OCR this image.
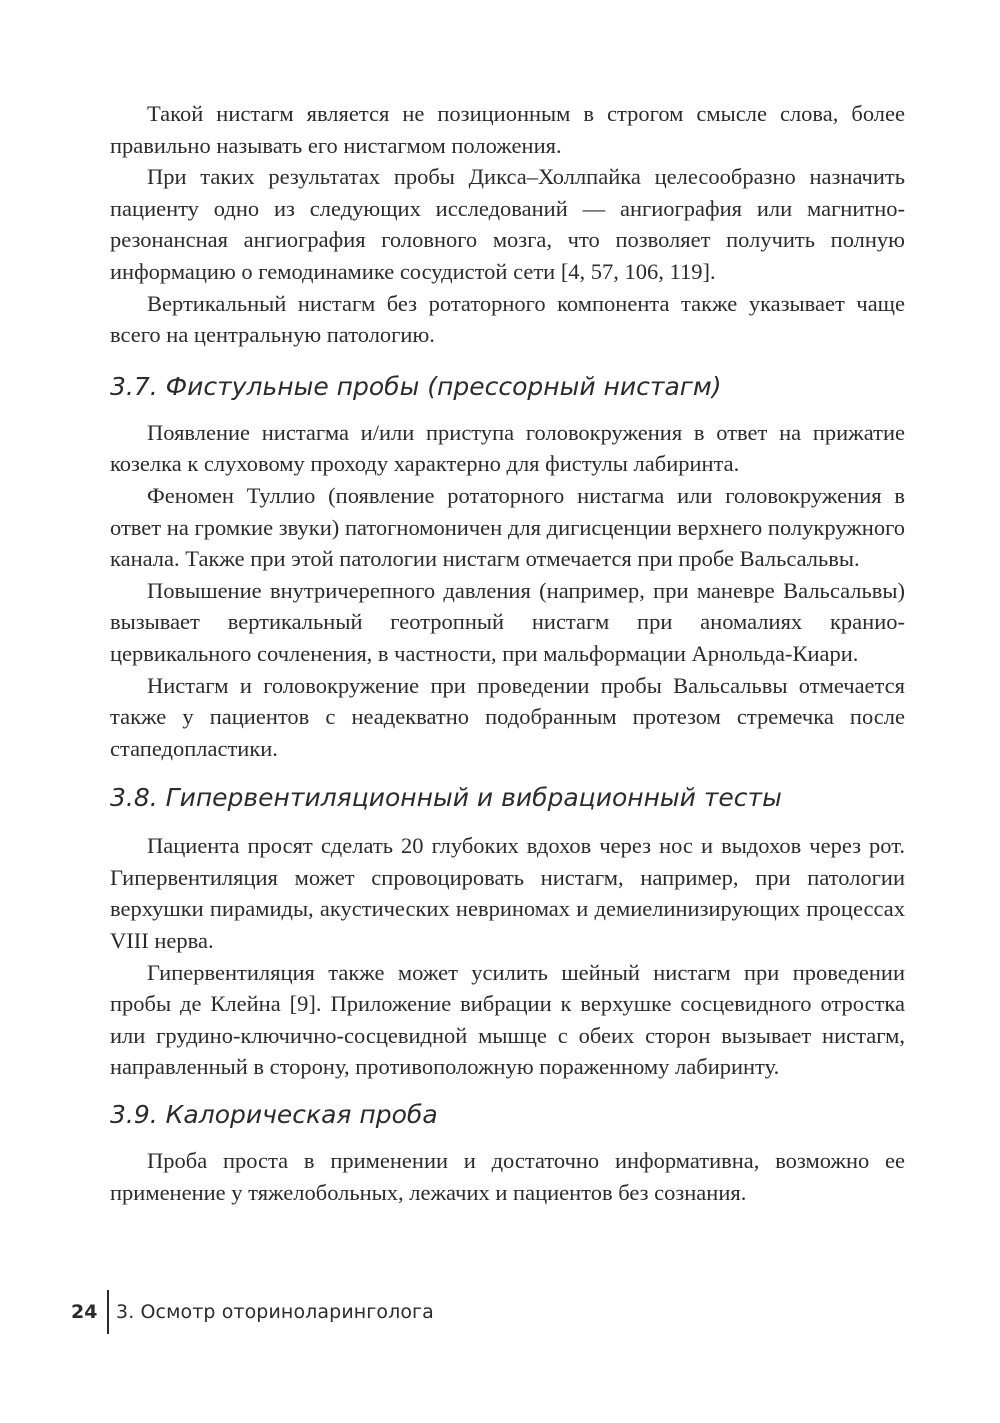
Такой нистагм является не позиционным в строгом смысле слова, более правильно называть его нистагмом положения.

При таких результатах пробы Дикса–Холлпайка целесообразно назначить пациенту одно из следующих исследований — ангиография или магнитно-резонансная ангиография головного мозга, что позволяет получить полную информацию о гемодинамике сосудистой сети [4, 57, 106, 119].

Вертикальный нистагм без ротаторного компонента также указывает чаще всего на центральную патологию.

3.7. Фистульные пробы (прессорный нистагм)

Появление нистагма и/или приступа головокружения в ответ на прижатие козелка к слуховому проходу характерно для фистулы лабиринта.

Феномен Туллио (появление ротаторного нистагма или головокружения в ответ на громкие звуки) патогномоничен для дигисценции верхнего полукружного канала. Также при этой патологии нистагм отмечается при пробе Вальсальвы.

Повышение внутричерепного давления (например, при маневре Вальсальвы) вызывает вертикальный геотропный нистагм при аномалиях кранио-цервикального сочленения, в частности, при мальформации Арнольда-Киари.

Нистагм и головокружение при проведении пробы Вальсальвы отмечается также у пациентов с неадекватно подобранным протезом стремечка после стапедопластики.

3.8. Гипервентиляционный и вибрационный тесты

Пациента просят сделать 20 глубоких вдохов через нос и выдохов через рот. Гипервентиляция может спровоцировать нистагм, например, при патологии верхушки пирамиды, акустических невриномах и демиелинизирующих процессах VIII нерва.

Гипервентиляция также может усилить шейный нистагм при проведении пробы де Клейна [9]. Приложение вибрации к верхушке сосцевидного отростка или грудино-ключично-сосцевидной мышце с обеих сторон вызывает нистагм, направленный в сторону, противоположную пораженному лабиринту.

3.9. Калорическая проба

Проба проста в применении и достаточно информативна, возможно ее применение у тяжелобольных, лежачих и пациентов без сознания.

24 3. Осмотр оториноларинголога
